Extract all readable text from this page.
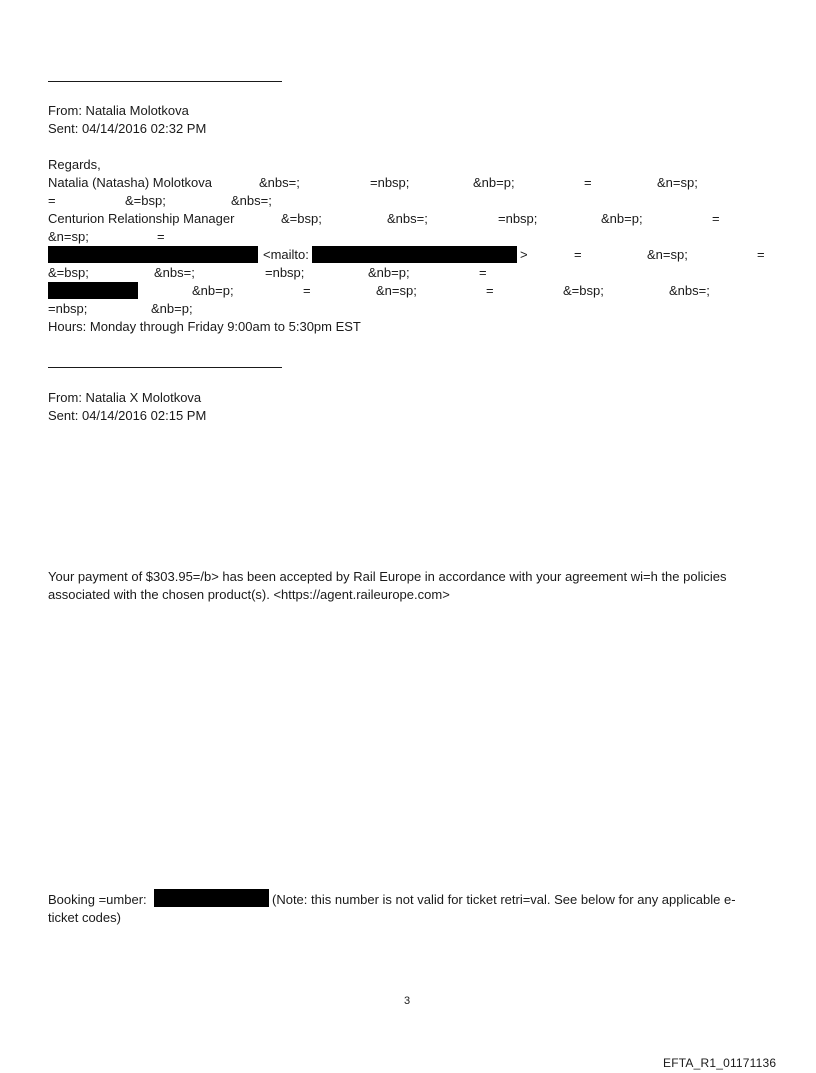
From: Natalia Molotkova
Sent: 04/14/2016 02:32 PM
Regards,
Natalia (Natasha) Molotkova	&nbs=;	=nbsp;	&nb=p;	=	&n=sp;
=	&=bsp;	&nbs=;
Centurion Relationship Manager	&=bsp;	&nbs=;	=nbsp;	&nb=p;	=
&n=sp;	=
<mailto:	>	=	&n=sp;	=
&=bsp;	&nbs=;	=nbsp;	&nb=p;	=
&nb=p;	=	&n=sp;	=	&=bsp;	&nbs=;
=nbsp;	&nb=p;
Hours: Monday through Friday 9:00am to 5:30pm EST
From: Natalia X Molotkova
Sent: 04/14/2016 02:15 PM
Your payment of $303.95=/b> has been accepted by Rail Europe in accordance with your agreement wi=h the policies associated with the chosen product(s). <https://agent.raileurope.com>
Booking =umber:	(Note: this number is not valid for ticket retri=val. See below for any applicable e-
ticket codes)
3
EFTA_R1_01171136
